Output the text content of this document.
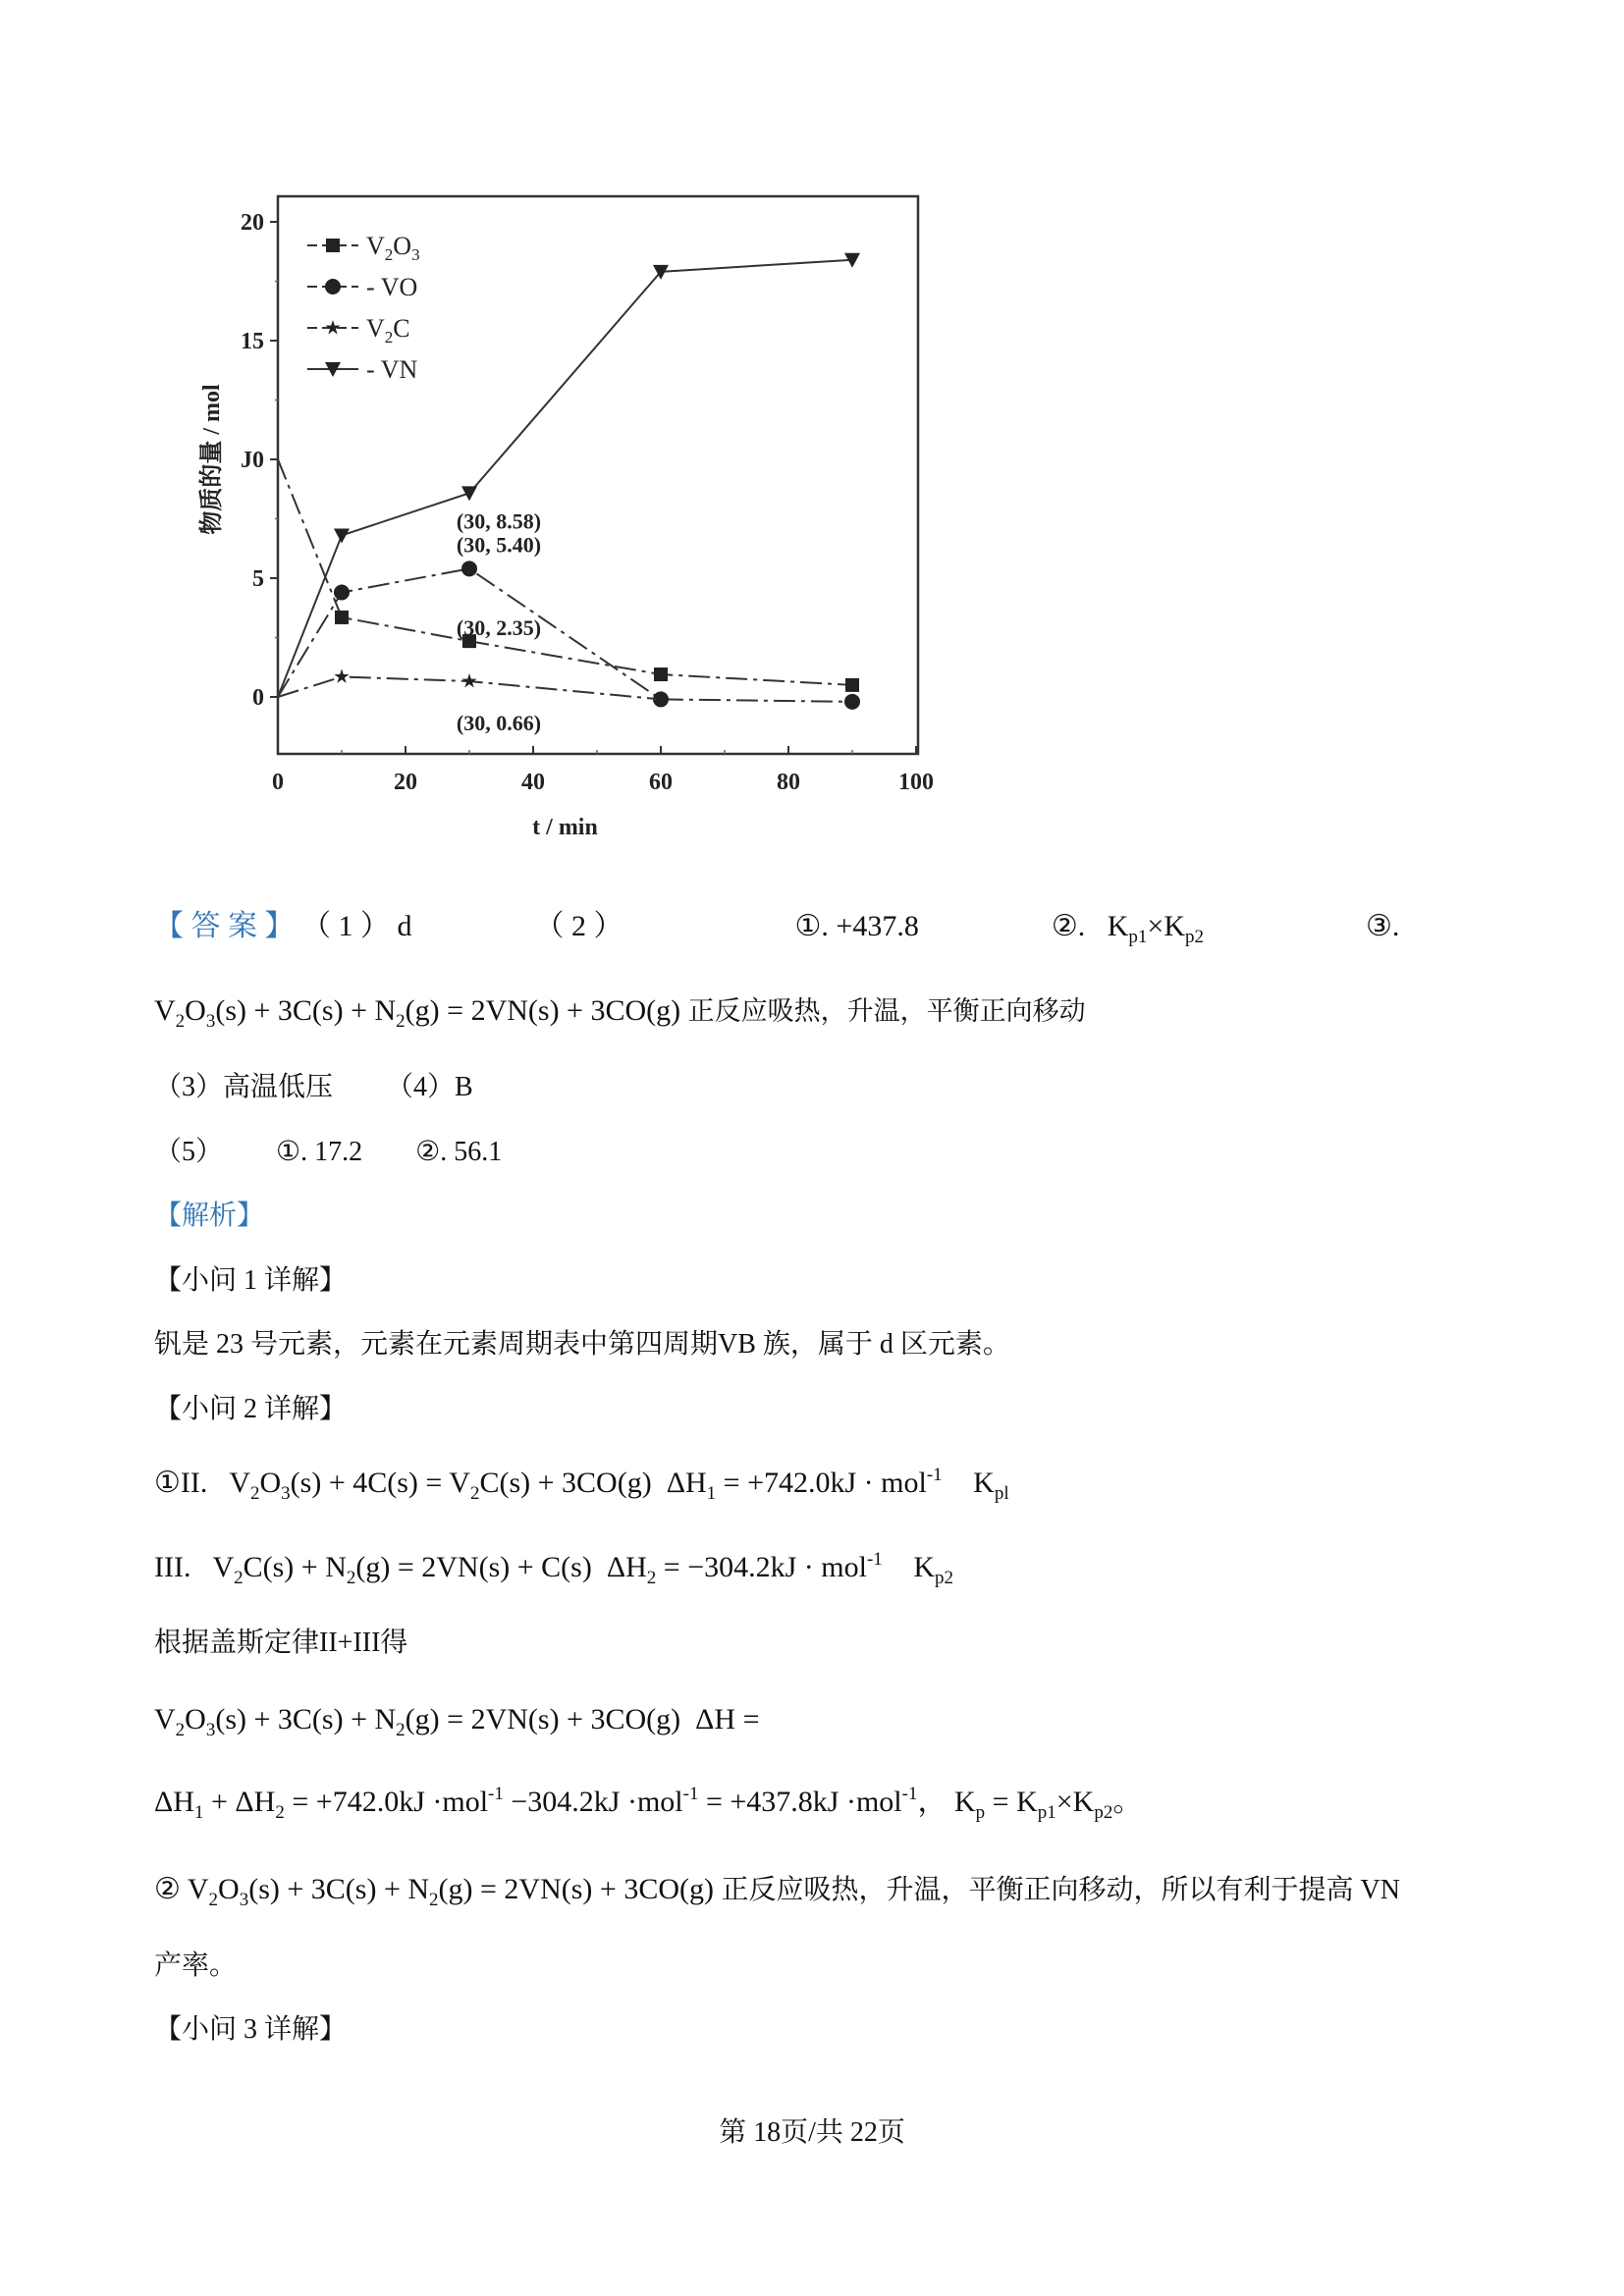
20
15
J0
5
0
0	20	40	60	80	100
t / min
物质的量 / mol	(30, 8.58)
(30, 5.40)
(30, 2.35)
(30, 0.66)
$V_2O_3$
- VO
$V_2C$
- VN
【 答 案 】 （ 1 ） d	（ 2 ）	①. +437.8	②.   $K_{p1}\times K_{p2}$	③.
$V_2O_3(s) + 3C(s) + N_2(g) = 2VN(s) + 3CO(g)$ 正反应吸热，升温，平衡正向移动
（3）高温低压 （4）B
（5） ①. 17.2 ②. 56.1
【解析】
【小问 1 详解】
钒是 23 号元素，元素在元素周期表中第四周期VB 族，属于 d 区元素。
【小问 2 详解】
①II.   $V_2O_3(s) + 4C(s) = V_2C(s) + 3CO(g) \Delta H_1 = +742.0kJ \cdot mol^{-1}$ $K_{pl}$
III.   $V_2C(s) + N_2(g) = 2VN(s) + C(s) \Delta H_2 = -304.2kJ \cdot mol^{-1}$ $K_{p2}$
根据盖斯定律II+III得
$V_2O_3(s) + 3C(s) + N_2(g) = 2VN(s) + 3CO(g) \Delta H$ =
$\Delta H_1 + \Delta H_2 = +742.0kJ \cdot mol^{-1} -304.2kJ \cdot mol^{-1} = +437.8kJ \cdot mol^{-1}$， $K_p = K_{p1}\times K_{p2}$。
② $V_2O_3(s) + 3C(s) + N_2(g) = 2VN(s) + 3CO(g)$ 正反应吸热，升温，平衡正向移动，所以有利于提高 VN
产率。
【小问 3 详解】
第 18页/共 22页
